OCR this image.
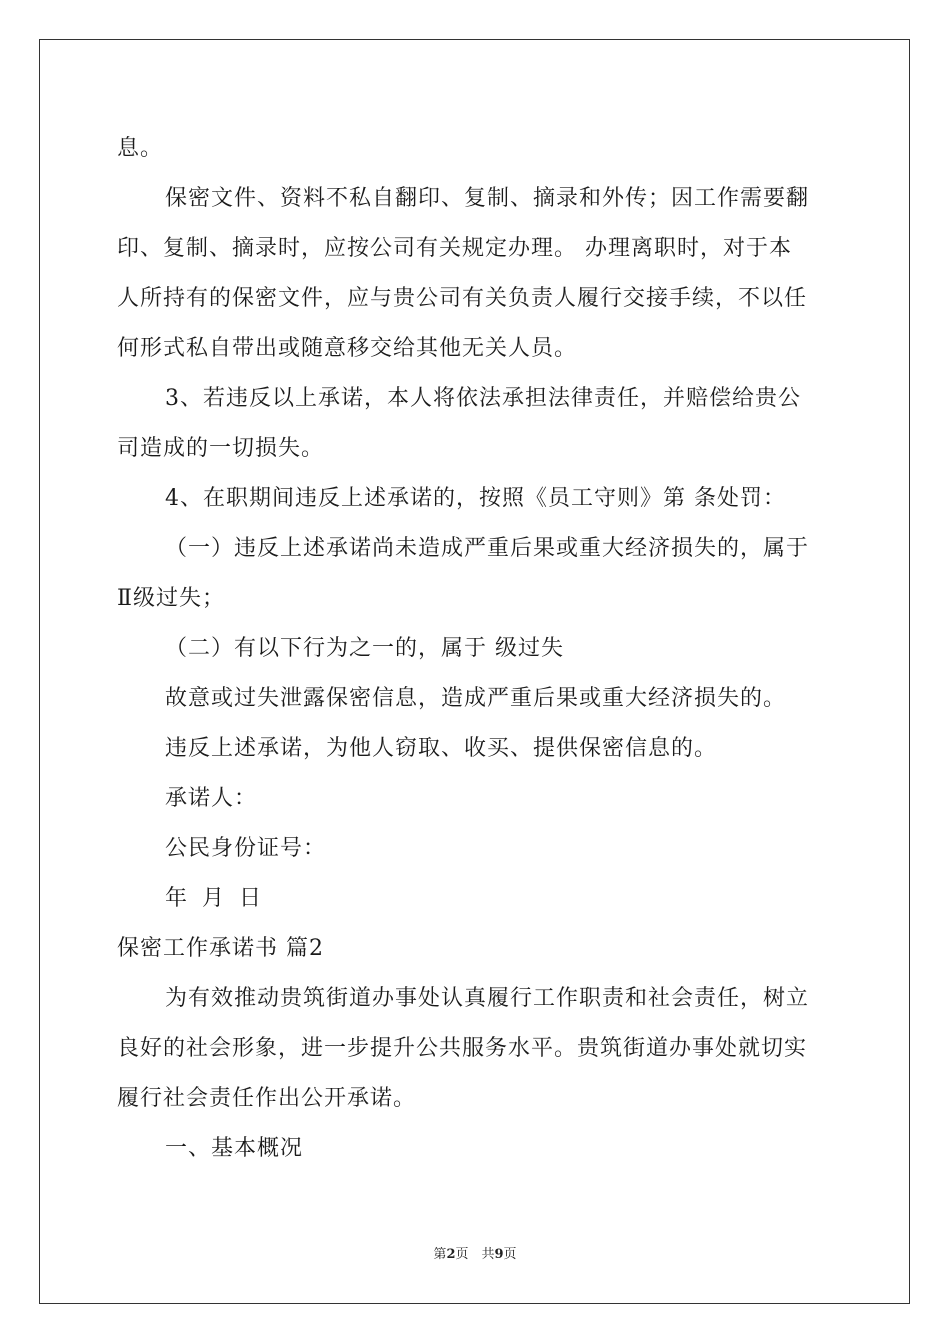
息。
保密文件、资料不私自翻印、复制、摘录和外传；因工作需要翻
印、复制、摘录时，应按公司有关规定办理。 办理离职时，对于本
人所持有的保密文件，应与贵公司有关负责人履行交接手续，不以任
何形式私自带出或随意移交给其他无关人员。
3、若违反以上承诺，本人将依法承担法律责任，并赔偿给贵公
司造成的一切损失。
4、在职期间违反上述承诺的，按照《员工守则》第 条处罚：
（一）违反上述承诺尚未造成严重后果或重大经济损失的，属于
Ⅱ级过失；
（二）有以下行为之一的，属于 级过失
故意或过失泄露保密信息，造成严重后果或重大经济损失的。
违反上述承诺，为他人窃取、收买、提供保密信息的。
承诺人：
公民身份证号：
年 月 日
保密工作承诺书 篇2
为有效推动贵筑街道办事处认真履行工作职责和社会责任，树立
良好的社会形象，进一步提升公共服务水平。贵筑街道办事处就切实
履行社会责任作出公开承诺。
一、基本概况
第2页　共9页
